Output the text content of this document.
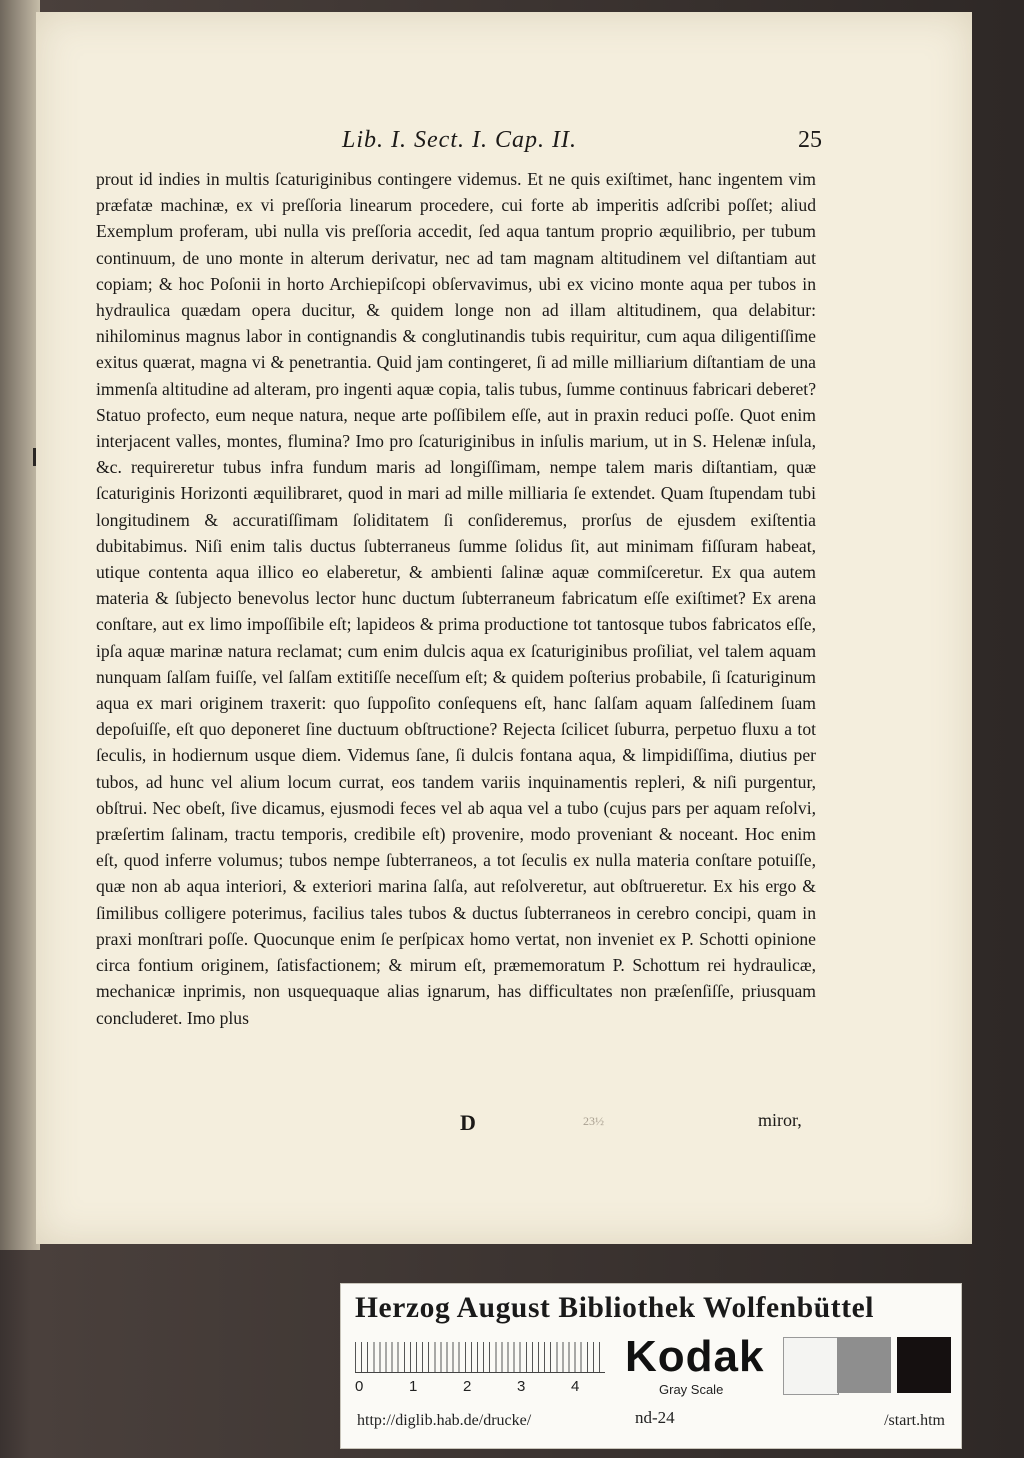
Lib. I. Sect. I. Cap. II.	25

prout id indies in multis ſcaturiginibus contingere videmus. Et ne quis exiſtimet, hanc ingentem vim præfatæ machinæ, ex vi preſſoria linearum procedere, cui forte ab imperitis adſcribi poſſet; aliud Exemplum proferam, ubi nulla vis preſſoria accedit, ſed aqua tantum proprio æquilibrio, per tubum continuum, de uno monte in alterum derivatur, nec ad tam magnam altitudinem vel diſtantiam aut copiam; & hoc Poſonii in horto Archiepiſcopi obſervavimus, ubi ex vicino monte aqua per tubos in hydraulica quædam opera ducitur, & quidem longe non ad illam altitudinem, qua delabitur: nihilominus magnus labor in contignandis & conglutinandis tubis requiritur, cum aqua diligentiſſime exitus quærat, magna vi & penetrantia. Quid jam contingeret, ſi ad mille milliarium diſtantiam de una immenſa altitudine ad alteram, pro ingenti aquæ copia, talis tubus, ſumme continuus fabricari deberet? Statuo profecto, eum neque natura, neque arte poſſibilem eſſe, aut in praxin reduci poſſe. Quot enim interjacent valles, montes, flumina? Imo pro ſcaturiginibus in inſulis marium, ut in S. Helenæ inſula, &c. requireretur tubus infra fundum maris ad longiſſimam, nempe talem maris diſtantiam, quæ ſcaturiginis Horizonti æquilibraret, quod in mari ad mille milliaria ſe extendet. Quam ſtupendam tubi longitudinem & accuratiſſimam ſoliditatem ſi conſideremus, prorſus de ejusdem exiſtentia dubitabimus. Niſi enim talis ductus ſubterraneus ſumme ſolidus ſit, aut minimam fiſſuram habeat, utique contenta aqua illico eo elaberetur, & ambienti ſalinæ aquæ commiſceretur. Ex qua autem materia & ſubjecto benevolus lector hunc ductum ſubterraneum fabricatum eſſe exiſtimet? Ex arena conſtare, aut ex limo impoſſibile eſt; lapideos & prima productione tot tantosque tubos fabricatos eſſe, ipſa aquæ marinæ natura reclamat; cum enim dulcis aqua ex ſcaturiginibus proſiliat, vel talem aquam nunquam ſalſam fuiſſe, vel ſalſam extitiſſe neceſſum eſt; & quidem poſterius probabile, ſi ſcaturiginum aqua ex mari originem traxerit: quo ſuppoſito conſequens eſt, hanc ſalſam aquam ſalſedinem ſuam depoſuiſſe, eſt quo deponeret ſine ductuum obſtructione? Rejecta ſcilicet ſuburra, perpetuo fluxu a tot ſeculis, in hodiernum usque diem. Videmus ſane, ſi dulcis fontana aqua, & limpidiſſima, diutius per tubos, ad hunc vel alium locum currat, eos tandem variis inquinamentis repleri, & niſi purgentur, obſtrui. Nec obeſt, ſive dicamus, ejusmodi feces vel ab aqua vel a tubo (cujus pars per aquam reſolvi, præſertim ſalinam, tractu temporis, credibile eſt) provenire, modo proveniant & noceant. Hoc enim eſt, quod inferre volumus; tubos nempe ſubterraneos, a tot ſeculis ex nulla materia conſtare potuiſſe, quæ non ab aqua interiori, & exteriori marina ſalſa, aut reſolveretur, aut obſtrueretur. Ex his ergo & ſimilibus colligere poterimus, facilius tales tubos & ductus ſubterraneos in cerebro concipi, quam in praxi monſtrari poſſe. Quocunque enim ſe perſpicax homo vertat, non inveniet ex P. Schotti opinione circa fontium originem, ſatisfactionem; & mirum eſt, præmemoratum P. Schottum rei hydraulicæ, mechanicæ inprimis, non usquequaque alias ignarum, has difficultates non præſenſiſſe, priusquam concluderet. Imo plus

D	23½	miror,
Herzog August Bibliothek Wolfenbüttel
0	1	2	3	4
Kodak
Gray Scale
http://diglib.hab.de/drucke/	nd-24	/start.htm
